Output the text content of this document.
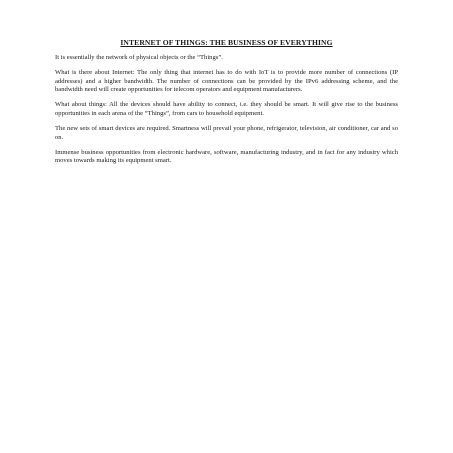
INTERNET OF THINGS: THE BUSINESS OF EVERYTHING

It is essentially the network of physical objects or the “Things”.

What is there about Internet: The only thing that internet has to do with IoT is to provide more number of connections (IP addresses) and a higher bandwidth. The number of connections can be provided by the IPv6 addressing scheme, and the bandwidth need will create opportunities for telecom operators and equipment manufacturers.

What about things: All the devices should have ability to connect, i.e. they should be smart. It will give rise to the business opportunities in each arena of the “Things”, from cars to household equipment.

The new sets of smart devices are required. Smartness will prevail your phone, refrigerator, television, air conditioner, car and so on.

Immense business opportunities from electronic hardware, software, manufacturing industry, and in fact for any industry which moves towards making its equipment smart.
